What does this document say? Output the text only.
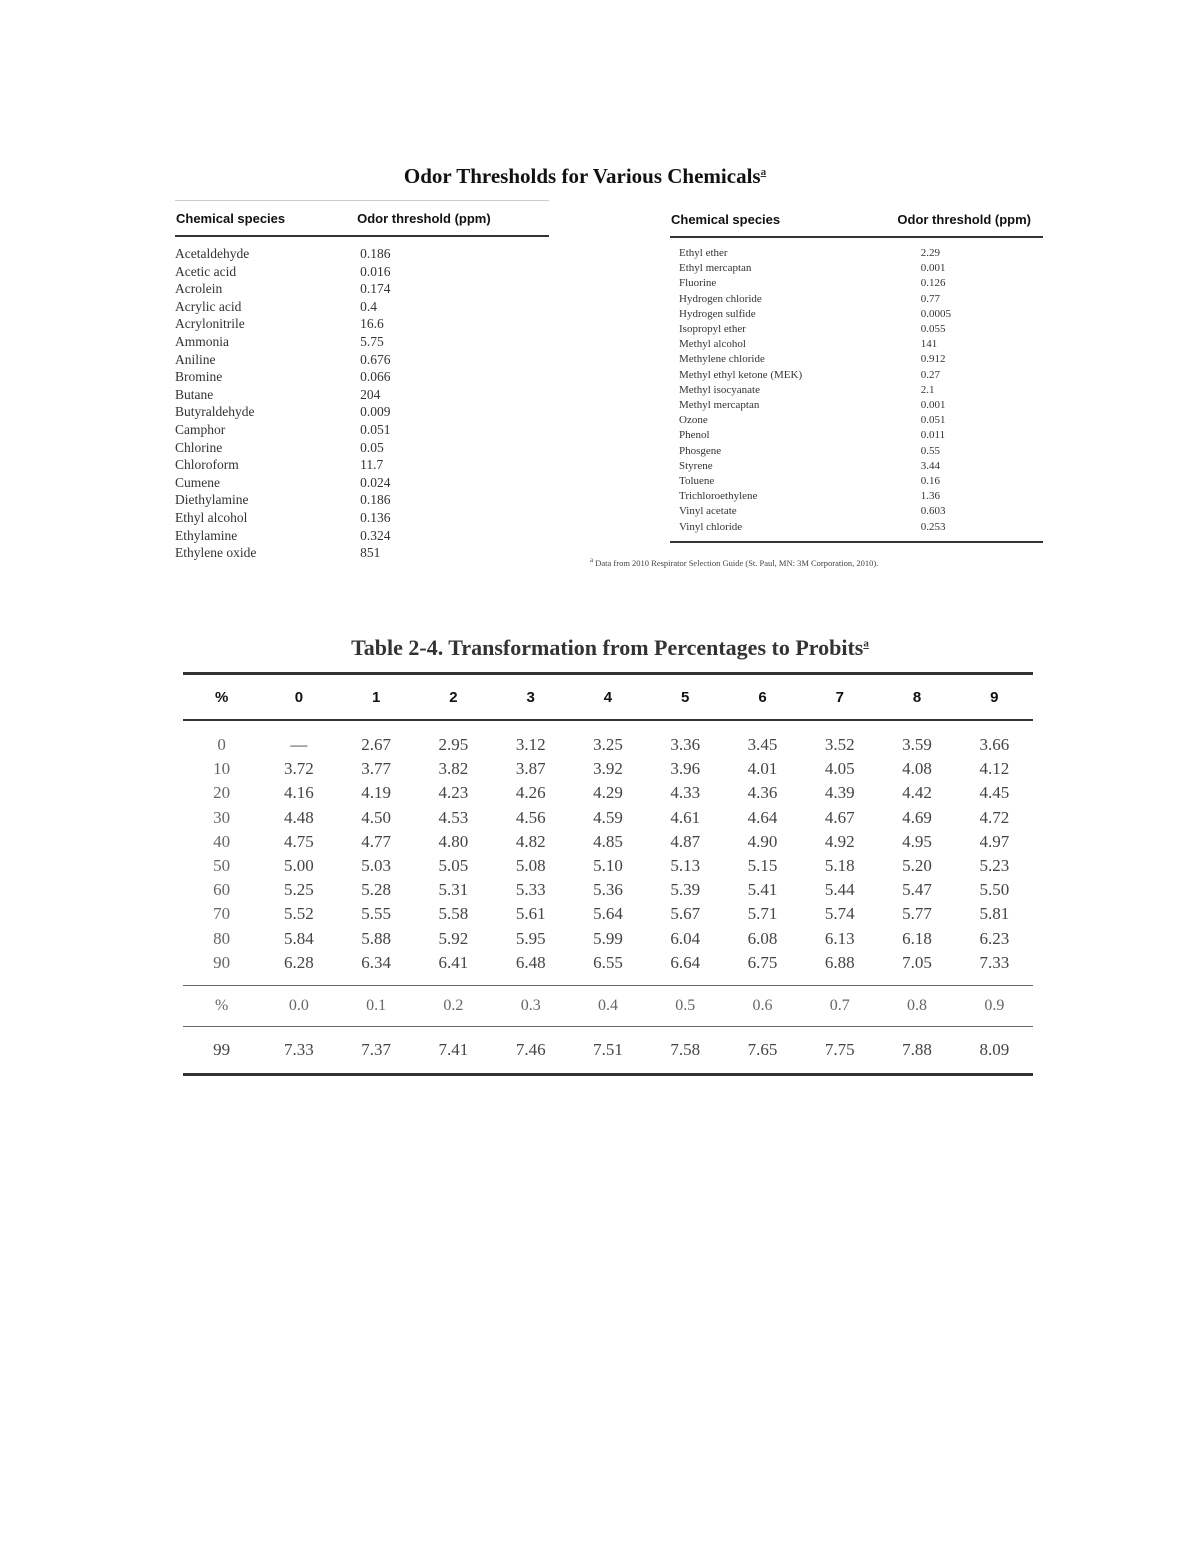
Odor Thresholds for Various Chemicals$^a$
Chemical species	Odor threshold (ppm)
Acetaldehyde	0.186
Acetic acid	0.016
Acrolein	0.174
Acrylic acid	0.4
Acrylonitrile	16.6
Ammonia	5.75
Aniline	0.676
Bromine	0.066
Butane	204
Butyraldehyde	0.009
Camphor	0.051
Chlorine	0.05
Chloroform	11.7
Cumene	0.024
Diethylamine	0.186
Ethyl alcohol	0.136
Ethylamine	0.324
Ethylene oxide	851
Chemical species	Odor threshold (ppm)
Ethyl ether	2.29
Ethyl mercaptan	0.001
Fluorine	0.126
Hydrogen chloride	0.77
Hydrogen sulfide	0.0005
Isopropyl ether	0.055
Methyl alcohol	141
Methylene chloride	0.912
Methyl ethyl ketone (MEK)	0.27
Methyl isocyanate	2.1
Methyl mercaptan	0.001
Ozone	0.051
Phenol	0.011
Phosgene	0.55
Styrene	3.44
Toluene	0.16
Trichloroethylene	1.36
Vinyl acetate	0.603
Vinyl chloride	0.253
$^a$ Data from 2010 Respirator Selection Guide (St. Paul, MN: 3M Corporation, 2010).
Table 2-4. Transformation from Percentages to Probits$^a$
%	0	1	2	3	4	5	6	7	8	9
0	—	2.67	2.95	3.12	3.25	3.36	3.45	3.52	3.59	3.66
10	3.72	3.77	3.82	3.87	3.92	3.96	4.01	4.05	4.08	4.12
20	4.16	4.19	4.23	4.26	4.29	4.33	4.36	4.39	4.42	4.45
30	4.48	4.50	4.53	4.56	4.59	4.61	4.64	4.67	4.69	4.72
40	4.75	4.77	4.80	4.82	4.85	4.87	4.90	4.92	4.95	4.97
50	5.00	5.03	5.05	5.08	5.10	5.13	5.15	5.18	5.20	5.23
60	5.25	5.28	5.31	5.33	5.36	5.39	5.41	5.44	5.47	5.50
70	5.52	5.55	5.58	5.61	5.64	5.67	5.71	5.74	5.77	5.81
80	5.84	5.88	5.92	5.95	5.99	6.04	6.08	6.13	6.18	6.23
90	6.28	6.34	6.41	6.48	6.55	6.64	6.75	6.88	7.05	7.33
%	0.0	0.1	0.2	0.3	0.4	0.5	0.6	0.7	0.8	0.9
99	7.33	7.37	7.41	7.46	7.51	7.58	7.65	7.75	7.88	8.09
